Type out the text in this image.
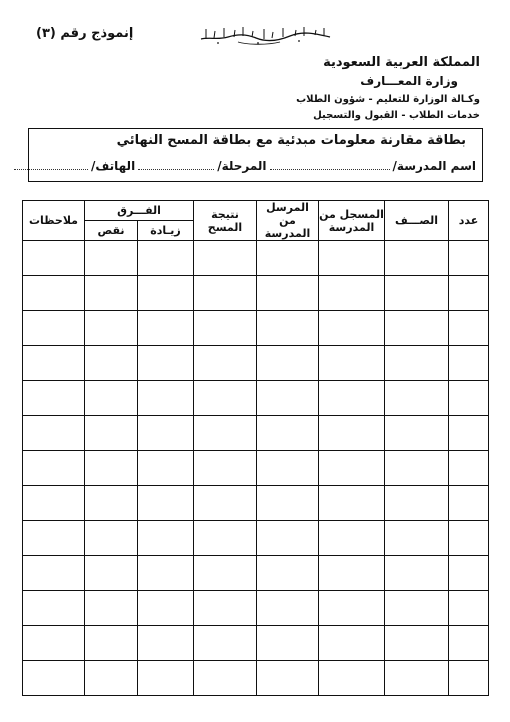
إنموذج رقم (٣)
المملكة العربية السعودية
وزارة المعـــارف
وكـالة الوزارة للتعليم - شؤون الطلاب
خدمات الطلاب - القبول والتسجيل
بطاقة مقارنة معلومات مبدئية مع بطاقة المسح النهائي
اسم المدرسة/
المرحلة/
الهاتف/
عدد	الصـــف	المسجل من المدرسة	المرسل من المدرسة	نتيجة المسح	الفـــرق		ملاحظات
					زيـادة	نقص	
